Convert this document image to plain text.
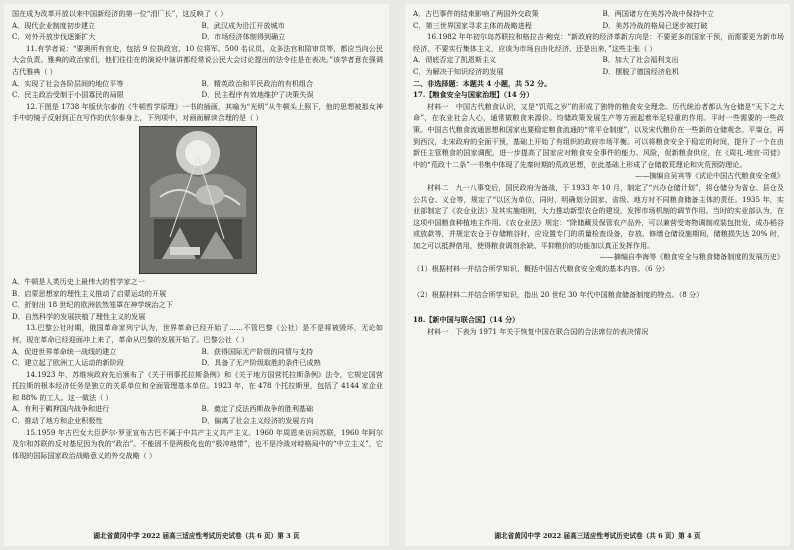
国在成为改革开放以来中国新经济的第一位“涓厂长”，这反映了（ ）

A．现代企业制度初步建立	B．武汉成为沿江开放城市
C．对外开放步伐逐渐扩大	D．市场经济体制得到确立

11.有学者说：“要奥所有官史，包括 9 位执政官、10 位将军、500 名议员、众多法官和陪审员等，都应当向公民大会负责。雅典的政治家们，他们往往在的演说中演讲都经常说公民大会讨论提出的法令往是在表决。”该学者意在强调古代雅典（ ）

A．实现了社会各阶层间的地位平等	B．精英政治和平民政治的有机组合
C．民主政治受制于小国寡民的局限	D．民主程序有效地维护了决策失误

12.下图是 1738 年版伏尔泰的《牛顿哲学原理》一书的插画，其喻为“光明”从牛顿头上照下，他的思想被那女神手中的镜子反射到正在写作的伏尔泰身上，下列项中，对画面解读合理的是（ ）

A．牛顿是人类历史上最伟大的哲学家之一
B．启蒙思想家的理性主义推动了启蒙运动的开展
C．折射出 18 世纪的欧洲依然笼罩在神学统治之下
D．自然科学的发展扶植了理性主义的发展

13.巴黎公社时期，俄国革命家列宁认为，世界革命已经开始了……不管巴黎（公社）是不是将被毁坏，无论如何，现在革命已经迎面冲上来了，革命从巴黎的发展开始了。巴黎公社（ ）

A．促进世界革命统一战线的建立	B．获得国际无产阶级的同情与支持
C．建立起了欧洲工人运动的新阶段	D．具备了无产阶级取胜的条件已成熟

14.1923 年，苏维埃政府先后颁布了《关于刑事托拉斯条例》和《关于地方国营托拉斯条例》法令，它规定国营托拉斯的根本经济任务是独立的关系单位和全面管理基本单位。1923 年，在 478 个托拉斯里，包括了 4144 家企业和 88% 的工人。这一做法（ ）

A．有利于羁押国内战争和进行	B．奠定了反法西斯战争的胜利基础
C．推动了地方和企业积极性	D．偏离了社会主义经济的发展方向

15.1959 年古巴女大臣萨尔·罗亚宣布古巴不属于中共产主义共产主义。1960 年周恩来访问苏联，1960 年阿尔及尔和苏联的反对基尼因为我的“政治”。不能固不是两极化也的“极冲地带”，也不是冷战对峙格局中的“中立主义”，它体现的国际国家政治战略意义的外交战略（ ）

湖北省黄冈中学 2022 届高三适应性考试历史试卷（共 6 页）第 3 页
A．古巴事件的结束影响了两国外交政策	B．两国诸方在美苏冷战中保持中立
C．第三世界国家寻求主体的战略进程	D．美苏冷战的格局已逐步被打破

16.1982 年年初尔岛苏联拉和格拉吉·鲍克：“新政府的经济革新方向是：不要更多的国家干预，而需要更为新市场经济，不要实行集体主义，应该为市场自由化经济、还是出来，”这些主张（ ）

A．彻底否定了凯恩斯主义	B．加大了社会福利支出
C．为解决于知识经济的发展	D．摆脱了德国经济危机

二、非选择题：本题共 4 小题，共 52 分。

17.【粮食安全与国家治理】（14 分）

材料一　中国古代粮食认识，又是“饥荒之岁”的形成了独特的粮食安全理念。历代统治者都认为仓储是“天下之大命”，在农业社会人心，通常做粮食来源价。均储政策发展生产等方面起着举足轻重的作用。平时一些需要的一些政策。中国古代粮食流通思想和国家也要稳定粮食流通的“常平仓制度”，以及宋代粮价在一些新的仓储观念。平粜仓，再到西汉，北宋政府的全面干预，基础上开始了有组织的政府市场平衡。可以将粮食安全于稳定的时间，提升了一个在由新任主管粮食的国家调配，进一步提高了国家应对粮食安全事件的能力、风险，促新粮食供应，在《周礼·地官·司徒》中的“荒政十二条”一书集中体现了先秦时期的荒政思想，在此基础上形成了仓储救荒理论和灾荒预防理论。

——摘编自吴宾等《试论中国古代粮食安全观》

材料二　九一八事变后，国民政府为备战，于 1933 年 10 月，制定了“兴办仓储计划”，将仓储分为省仓、县仓及公共仓、义仓等，规定了“以区为单位，同时，明确划分国家、省级、地方对不同粮食储备主体的责任。1935 年，实业部制定了《农仓业法》及其实施细则，大力推动新型农仓的建设，发挥市场机制的调节作用。当时的实业部认为，在这项中国粮食种植地主作用。《农仓业法》规定：“除储藏及保管农产品外，可以兼营受寄物调制或装包批发，成办稻谷或放款等，并规定农仓于存储粮谷时，应设置专门的质量检查设备，存放、修缮仓储设施期间，储粮损失达 20% 时，加之可以抵押借用，使得粮食调剂余缺、平抑粮价的功能加以真正发挥作用。

——摘编自李海等《粮食安全与粮食储备制度的发展历史》

（1）根据材料一并结合所学知识，概括中国古代粮食安全观的基本内容。（6 分）

（2）根据材料二并结合所学知识，指出 20 世纪 30 年代中国粮食储备制度的特点。（8 分）

18.【新中国与联合国】（14 分）

材料一　下表为 1971 年关于恢复中国在联合国的合法席位的表决情况

湖北省黄冈中学 2022 届高三适应性考试历史试卷（共 6 页）第 4 页
